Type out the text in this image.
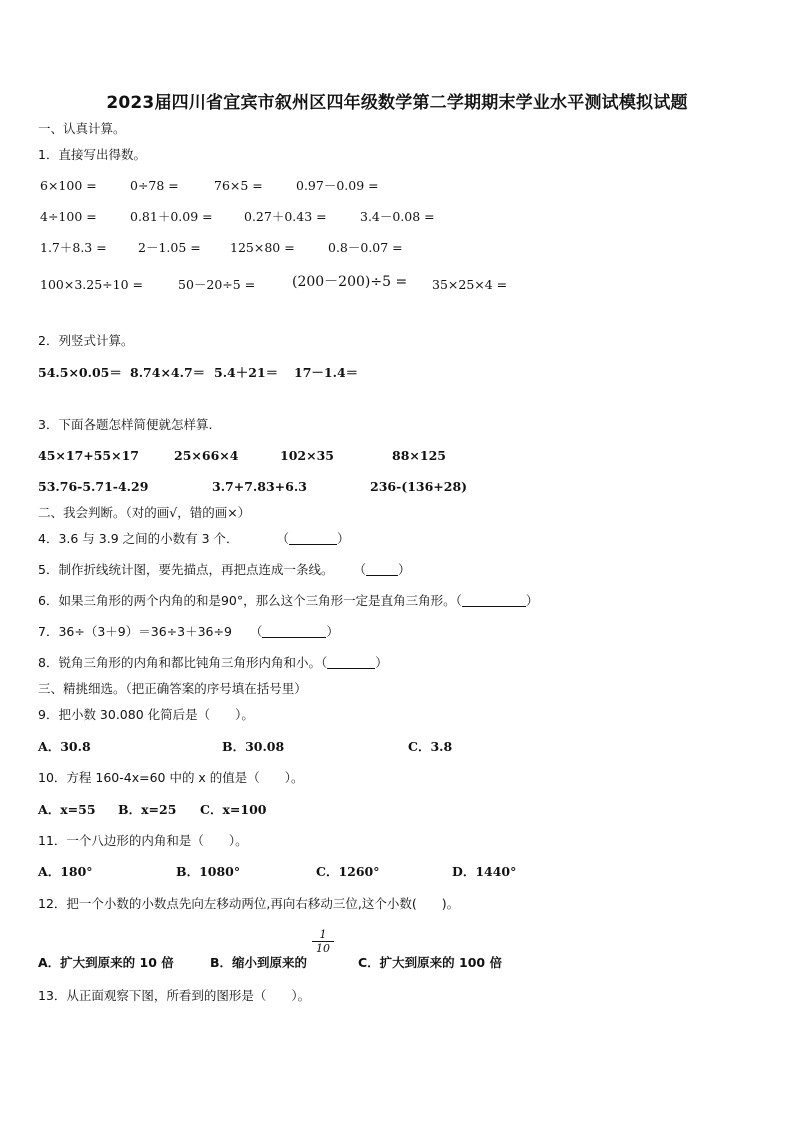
2023届四川省宜宾市叙州区四年级数学第二学期期末学业水平测试模拟试题
一、认真计算。
1．直接写出得数。
6×100 =	0÷78 =	76×5 =	0.97－0.09 =
4÷100 =	0.81＋0.09 =	0.27＋0.43 =	3.4－0.08 =
1.7＋8.3 =	2－1.05 = 125×80 =	0.8－0.07 =
100×3.25÷10 =	50－20÷5 =	(200－200)÷5 = 35×25×4 =
2．列竖式计算。
54.5×0.05＝ 8.74×4.7＝ 5.4＋21＝ 17－1.4＝
3．下面各题怎样简便就怎样算.
45×17+55×17	25×66×4	102×35	88×125
53.76-5.71-4.29	3.7+7.83+6.3	236-(136+28)
二、我会判断。（对的画√，错的画×）
4．3.6 与 3.9 之间的小数有 3 个．	（	）
5．制作折线统计图，要先描点，再把点连成一条线。 （	）
6．如果三角形的两个内角的和是90°，那么这个三角形一定是直角三角形。（	）
7．36÷（3＋9）＝36÷3＋36÷9 （	）
8．锐角三角形的内角和都比钝角三角形内角和小。（	）
三、精挑细选。（把正确答案的序号填在括号里）
9．把小数 30.080 化简后是（　　）。
A．30.8	B．30.08	C．3.8
10．方程 160-4x=60 中的 x 的值是（　　）。
A．x=55 B．x=25 C．x=100
11．一个八边形的内角和是（　　）。
A．180°	B．1080°	C．1260°	D．1440°
12．把一个小数的小数点先向左移动两位,再向右移动三位,这个小数(　　)。
A．扩大到原来的 10 倍	B．缩小到原来的	C．扩大到原来的 100 倍
$\frac{1}{10}$
13．从正面观察下图，所看到的图形是（　　）。
